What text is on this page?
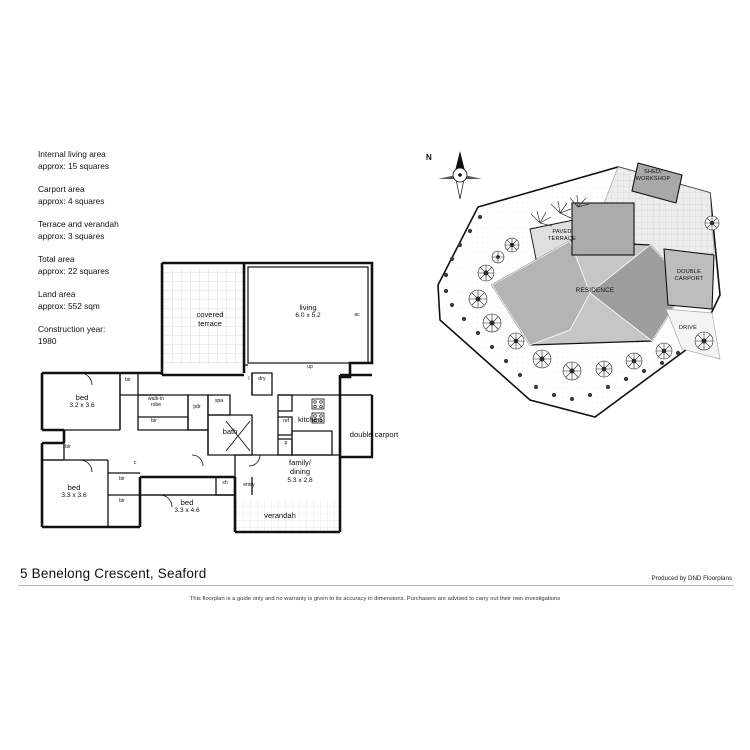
Internal living area
approx: 15 squares
Carport area
approx: 4 squares
Terrace and verandah
approx: 3 squares
Total area
approx: 22 squares
Land area
approx: 552 sqm
Construction year:
1980
covered
terrace
living
6.0 x 5.2
bed
3.2 x 3.6
bed
3.3 x 3.6
bed
3.3 x 4.6
kitchen
family/
dining
5.3 x 2.8
bath	double carport
verandah
walk-in
robe
bir
bir
bir
bir
bir
pdr
spa
dry
ref
p
sh	entry
ac
up
l
c
N
SHED/
WORKSHOP
PAVED
TERRACE
RESIDENCE
DOUBLE
CARPORT
DRIVE
5 Benelong Crescent, Seaford	Produced by DND Floorplans
This floorplan is a guide only and no warranty is given to its accuracy in dimensions. Purchasers are advised to carry out their own investigations
